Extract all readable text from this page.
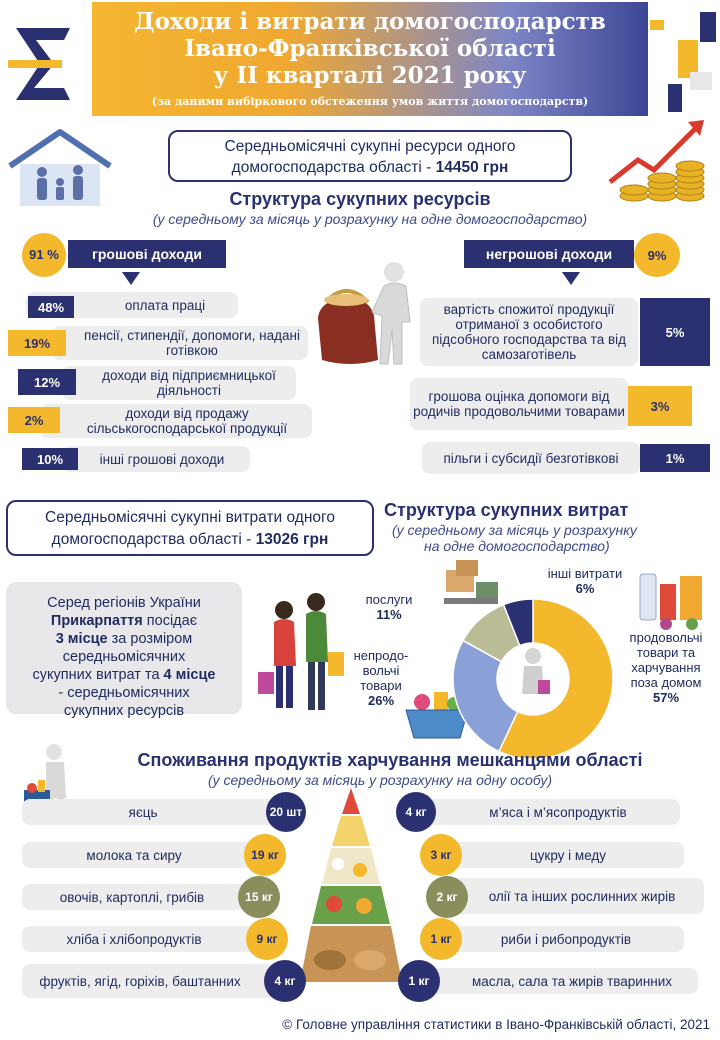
Доходи і витрати домогосподарств
Івано-Франківської області
у ІІ кварталі 2021 року
(за даними вибіркового обстеження умов життя домогосподарств)
Середньомісячні сукупні ресурси одного домогосподарства області - 14450 грн
Структура сукупних ресурсів
(у середньому за місяць у розрахунку на одне домогосподарство)
91 %	грошові доходи
оплата праці
48%
пенсії, стипендії, допомоги, надані готівкою
19%
доходи від підприємницької діяльності
12%
доходи від продажу сільськогосподарської продукції
2%
інші грошові доходи
10%
негрошові доходи	9%
вартість спожитої продукції отриманої з особистого підсобного господарства та від самозаготівель
5%
грошова оцінка допомоги від родичів продовольчими товарами	3%
пільги і субсидії безготівкові	1%
Середньомісячні сукупні витрати одного домогосподарства області - 13026 грн
Структура сукупних витрат
(у середньому за місяць у розрахунку
на одне домогосподарство)
Серед регіонів України
Прикарпаття посідає
3 місце за розміром
середньомісячних
сукупних витрат та 4 місце
- середньомісячних
сукупних ресурсів
інші витрати
6%
послуги
11%
непродо-
вольчі
товари
26%
продовольчі
товари та
харчування
поза домом
57%
Споживання продуктів харчування мешканцями області
(у середньому за місяць у розрахунку на одну особу)
яєць	20 шт
молока та сиру	19 кг
овочів, картоплі, грибів	15 кг
хліба і хлібопродуктів	9 кг
фруктів, ягід, горіхів, баштанних	4 кг
м’яса і м’ясопродуктів
4 кг
цукру і меду
3 кг
олії та інших рослинних жирів
2 кг
риби і рибопродуктів
1 кг
масла, сала та жирів тваринних
1 кг
© Головне управління статистики в Івано-Франківській області, 2021
